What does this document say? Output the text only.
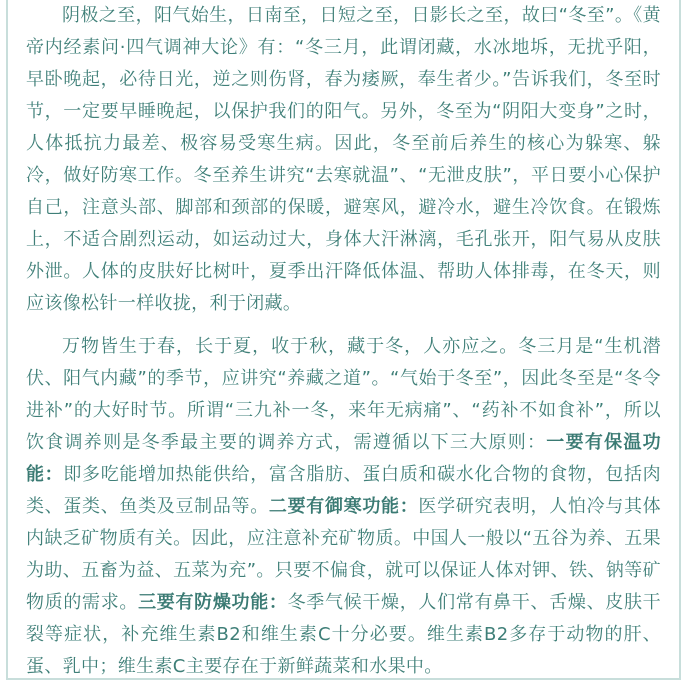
阴极之至，阳气始生，日南至，日短之至，日影长之至，故曰“冬至”。《黄帝内经素问·四气调神大论》有：“冬三月，此谓闭藏，水冰地坼，无扰乎阳，早卧晚起，必待日光，逆之则伤肾，春为痿厥，奉生者少。”告诉我们，冬至时节，一定要早睡晚起，以保护我们的阳气。另外，冬至为“阴阳大变身”之时，人体抵抗力最差、极容易受寒生病。因此，冬至前后养生的核心为躲寒、躲冷，做好防寒工作。冬至养生讲究“去寒就温”、“无泄皮肤”，平日要小心保护自己，注意头部、脚部和颈部的保暖，避寒风，避冷水，避生冷饮食。在锻炼上，不适合剧烈运动，如运动过大，身体大汗淋漓，毛孔张开，阳气易从皮肤外泄。人体的皮肤好比树叶，夏季出汗降低体温、帮助人体排毒，在冬天，则应该像松针一样收拢，利于闭藏。

万物皆生于春，长于夏，收于秋，藏于冬，人亦应之。冬三月是“生机潜伏、阳气内藏”的季节，应讲究“养藏之道”。“气始于冬至”，因此冬至是“冬令进补”的大好时节。所谓“三九补一冬，来年无病痛”、“药补不如食补”，所以饮食调养则是冬季最主要的调养方式，需遵循以下三大原则：一要有保温功能：即多吃能增加热能供给，富含脂肪、蛋白质和碳水化合物的食物，包括肉类、蛋类、鱼类及豆制品等。二要有御寒功能：医学研究表明，人怕冷与其体内缺乏矿物质有关。因此，应注意补充矿物质。中国人一般以“五谷为养、五果为助、五畜为益、五菜为充”。只要不偏食，就可以保证人体对钾、铁、钠等矿物质的需求。三要有防燥功能：冬季气候干燥，人们常有鼻干、舌燥、皮肤干裂等症状，补充维生素B2和维生素C十分必要。维生素B2多存于动物的肝、蛋、乳中；维生素C主要存在于新鲜蔬菜和水果中。
